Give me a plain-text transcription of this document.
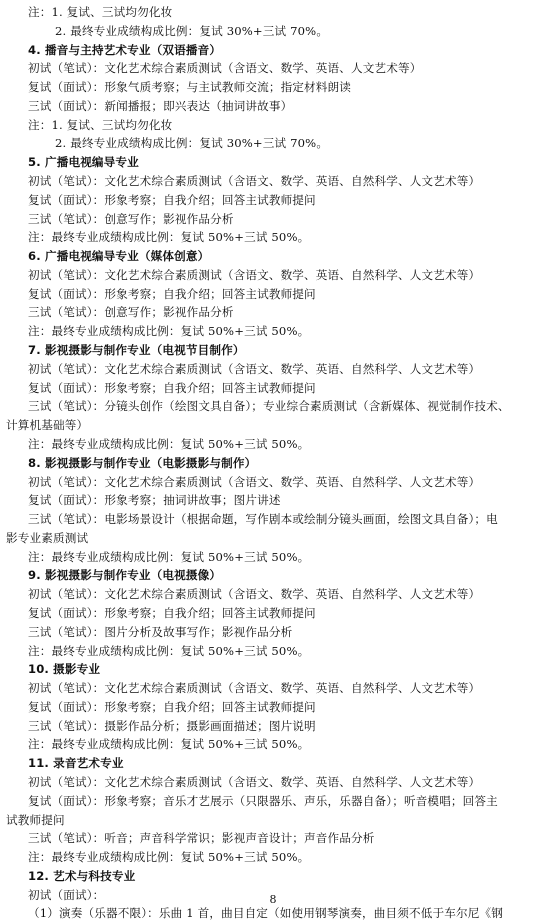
注：1. 复试、三试均勿化妆
2. 最终专业成绩构成比例：复试 30%+三试 70%。
4. 播音与主持艺术专业（双语播音）
初试（笔试）：文化艺术综合素质测试（含语文、数学、英语、人文艺术等）
复试（面试）：形象气质考察；与主试教师交流；指定材料朗读
三试（面试）：新闻播报；即兴表达（抽词讲故事）
注：1. 复试、三试均勿化妆
2. 最终专业成绩构成比例：复试 30%+三试 70%。
5. 广播电视编导专业
初试（笔试）：文化艺术综合素质测试（含语文、数学、英语、自然科学、人文艺术等）
复试（面试）：形象考察；自我介绍；回答主试教师提问
三试（笔试）：创意写作；影视作品分析
注：最终专业成绩构成比例：复试 50%+三试 50%。
6. 广播电视编导专业（媒体创意）
初试（笔试）：文化艺术综合素质测试（含语文、数学、英语、自然科学、人文艺术等）
复试（面试）：形象考察；自我介绍；回答主试教师提问
三试（笔试）：创意写作；影视作品分析
注：最终专业成绩构成比例：复试 50%+三试 50%。
7. 影视摄影与制作专业（电视节目制作）
初试（笔试）：文化艺术综合素质测试（含语文、数学、英语、自然科学、人文艺术等）
复试（面试）：形象考察；自我介绍；回答主试教师提问
三试（笔试）：分镜头创作（绘图文具自备）；专业综合素质测试（含新媒体、视觉制作技术、
计算机基础等）
注：最终专业成绩构成比例：复试 50%+三试 50%。
8. 影视摄影与制作专业（电影摄影与制作）
初试（笔试）：文化艺术综合素质测试（含语文、数学、英语、自然科学、人文艺术等）
复试（面试）：形象考察；抽词讲故事；图片讲述
三试（笔试）：电影场景设计（根据命题，写作剧本或绘制分镜头画面，绘图文具自备）；电
影专业素质测试
注：最终专业成绩构成比例：复试 50%+三试 50%。
9. 影视摄影与制作专业（电视摄像）
初试（笔试）：文化艺术综合素质测试（含语文、数学、英语、自然科学、人文艺术等）
复试（面试）：形象考察；自我介绍；回答主试教师提问
三试（笔试）：图片分析及故事写作；影视作品分析
注：最终专业成绩构成比例：复试 50%+三试 50%。
10. 摄影专业
初试（笔试）：文化艺术综合素质测试（含语文、数学、英语、自然科学、人文艺术等）
复试（面试）：形象考察；自我介绍；回答主试教师提问
三试（笔试）：摄影作品分析；摄影画面描述；图片说明
注：最终专业成绩构成比例：复试 50%+三试 50%。
11. 录音艺术专业
初试（笔试）：文化艺术综合素质测试（含语文、数学、英语、自然科学、人文艺术等）
复试（面试）：形象考察；音乐才艺展示（只限器乐、声乐，乐器自备）；听音模唱；回答主
试教师提问
三试（笔试）：听音；声音科学常识；影视声音设计；声音作品分析
注：最终专业成绩构成比例：复试 50%+三试 50%。
12. 艺术与科技专业
初试（面试）：
（1）演奏（乐器不限）：乐曲 1 首，曲目自定（如使用钢琴演奏，曲目须不低于车尔尼《钢
8
